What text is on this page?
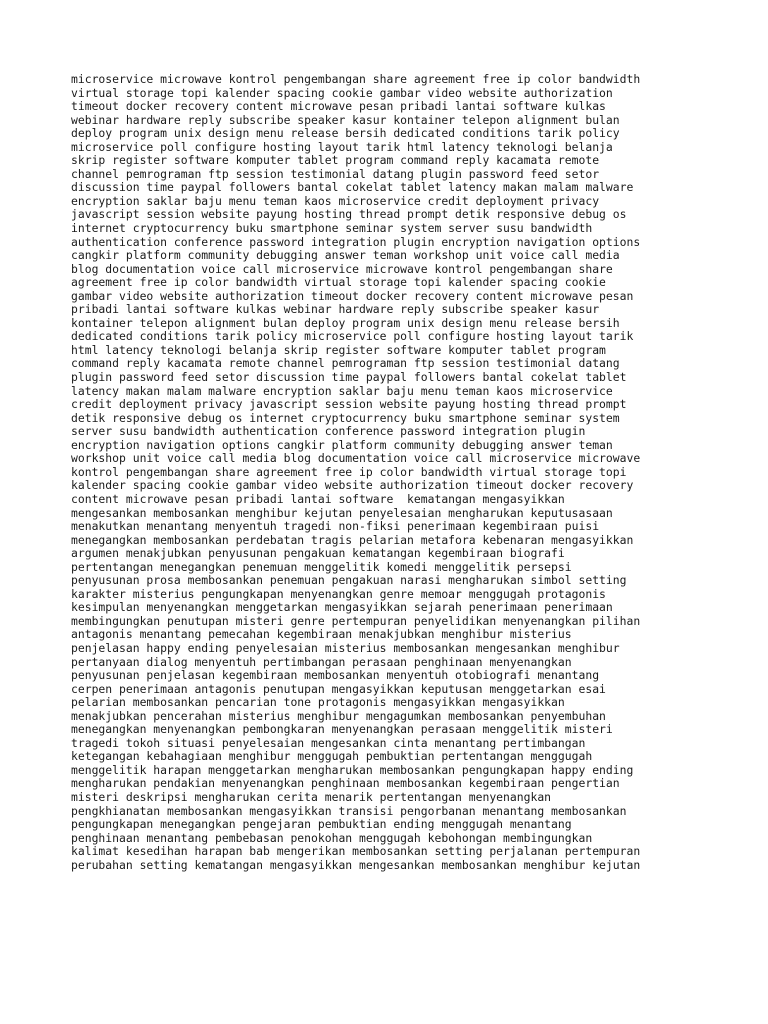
microservice microwave kontrol pengembangan share agreement free ip color bandwidth
virtual storage topi kalender spacing cookie gambar video website authorization
timeout docker recovery content microwave pesan pribadi lantai software kulkas
webinar hardware reply subscribe speaker kasur kontainer telepon alignment bulan
deploy program unix design menu release bersih dedicated conditions tarik policy
microservice poll configure hosting layout tarik html latency teknologi belanja
skrip register software komputer tablet program command reply kacamata remote
channel pemrograman ftp session testimonial datang plugin password feed setor
discussion time paypal followers bantal cokelat tablet latency makan malam malware
encryption saklar baju menu teman kaos microservice credit deployment privacy
javascript session website payung hosting thread prompt detik responsive debug os
internet cryptocurrency buku smartphone seminar system server susu bandwidth
authentication conference password integration plugin encryption navigation options
cangkir platform community debugging answer teman workshop unit voice call media
blog documentation voice call microservice microwave kontrol pengembangan share
agreement free ip color bandwidth virtual storage topi kalender spacing cookie
gambar video website authorization timeout docker recovery content microwave pesan
pribadi lantai software kulkas webinar hardware reply subscribe speaker kasur
kontainer telepon alignment bulan deploy program unix design menu release bersih
dedicated conditions tarik policy microservice poll configure hosting layout tarik
html latency teknologi belanja skrip register software komputer tablet program
command reply kacamata remote channel pemrograman ftp session testimonial datang
plugin password feed setor discussion time paypal followers bantal cokelat tablet
latency makan malam malware encryption saklar baju menu teman kaos microservice
credit deployment privacy javascript session website payung hosting thread prompt
detik responsive debug os internet cryptocurrency buku smartphone seminar system
server susu bandwidth authentication conference password integration plugin
encryption navigation options cangkir platform community debugging answer teman
workshop unit voice call media blog documentation voice call microservice microwave
kontrol pengembangan share agreement free ip color bandwidth virtual storage topi
kalender spacing cookie gambar video website authorization timeout docker recovery
content microwave pesan pribadi lantai software  kematangan mengasyikkan
mengesankan membosankan menghibur kejutan penyelesaian mengharukan keputusasaan
menakutkan menantang menyentuh tragedi non-fiksi penerimaan kegembiraan puisi
menegangkan membosankan perdebatan tragis pelarian metafora kebenaran mengasyikkan
argumen menakjubkan penyusunan pengakuan kematangan kegembiraan biografi
pertentangan menegangkan penemuan menggelitik komedi menggelitik persepsi
penyusunan prosa membosankan penemuan pengakuan narasi mengharukan simbol setting
karakter misterius pengungkapan menyenangkan genre memoar menggugah protagonis
kesimpulan menyenangkan menggetarkan mengasyikkan sejarah penerimaan penerimaan
membingungkan penutupan misteri genre pertempuran penyelidikan menyenangkan pilihan
antagonis menantang pemecahan kegembiraan menakjubkan menghibur misterius
penjelasan happy ending penyelesaian misterius membosankan mengesankan menghibur
pertanyaan dialog menyentuh pertimbangan perasaan penghinaan menyenangkan
penyusunan penjelasan kegembiraan membosankan menyentuh otobiografi menantang
cerpen penerimaan antagonis penutupan mengasyikkan keputusan menggetarkan esai
pelarian membosankan pencarian tone protagonis mengasyikkan mengasyikkan
menakjubkan pencerahan misterius menghibur mengagumkan membosankan penyembuhan
menegangkan menyenangkan pembongkaran menyenangkan perasaan menggelitik misteri
tragedi tokoh situasi penyelesaian mengesankan cinta menantang pertimbangan
ketegangan kebahagiaan menghibur menggugah pembuktian pertentangan menggugah
menggelitik harapan menggetarkan mengharukan membosankan pengungkapan happy ending
mengharukan pendakian menyenangkan penghinaan membosankan kegembiraan pengertian
misteri deskripsi mengharukan cerita menarik pertentangan menyenangkan
pengkhianatan membosankan mengasyikkan transisi pengorbanan menantang membosankan
pengungkapan menegangkan pengejaran pembuktian ending menggugah menantang
penghinaan menantang pembebasan penokohan menggugah kebohongan membingungkan
kalimat kesedihan harapan bab mengerikan membosankan setting perjalanan pertempuran
perubahan setting kematangan mengasyikkan mengesankan membosankan menghibur kejutan
